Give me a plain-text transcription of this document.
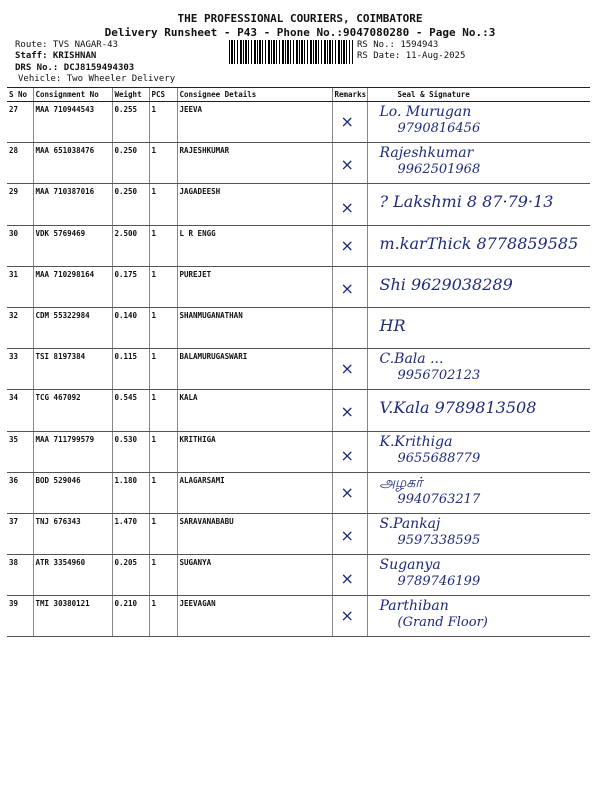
THE PROFESSIONAL COURIERS, COIMBATORE
Delivery Runsheet - P43 - Phone No.:9047080280 - Page No.:3
Route: TVS NAGAR-43
Staff: KRISHNAN
DRS No.: DCJ8159494303
Vehicle: Two Wheeler Delivery
RS No.: 1594943
RS Date: 11-Aug-2025
S No	Consignment No	Weight	PCS	Consignee Details	Remarks	Seal & Signature
27	MAA 710944543	0.255	1	JEEVA	×	Lo. Murugan
9790816456

28	MAA 651038476	0.250	1	RAJESHKUMAR	×	Rajeshkumar
9962501968

29	MAA 710387016	0.250	1	JAGADEESH	×	? Lakshmi 8 87·79·13

30	VDK 5769469	2.500	1	L R ENGG	×	m.karThick 8778859585

31	MAA 710298164	0.175	1	PUREJET	×	Shi 9629038289

32	CDM 55322984	0.140	1	SHANMUGANATHAN		HR

33	TSI 8197384	0.115	1	BALAMURUGASWARI	×	C.Bala ...
9956702123

34	TCG 467092	0.545	1	KALA	×	V.Kala 9789813508

35	MAA 711799579	0.530	1	KRITHIGA	×	K.Krithiga
9655688779

36	BOD 529046	1.180	1	ALAGARSAMI	×	அழகர்
9940763217

37	TNJ 676343	1.470	1	SARAVANABABU	×	S.Pankaj
9597338595

38	ATR 3354960	0.205	1	SUGANYA	×	Suganya
9789746199

39	TMI 30380121	0.210	1	JEEVAGAN	×	Parthiban
(Grand Floor)
